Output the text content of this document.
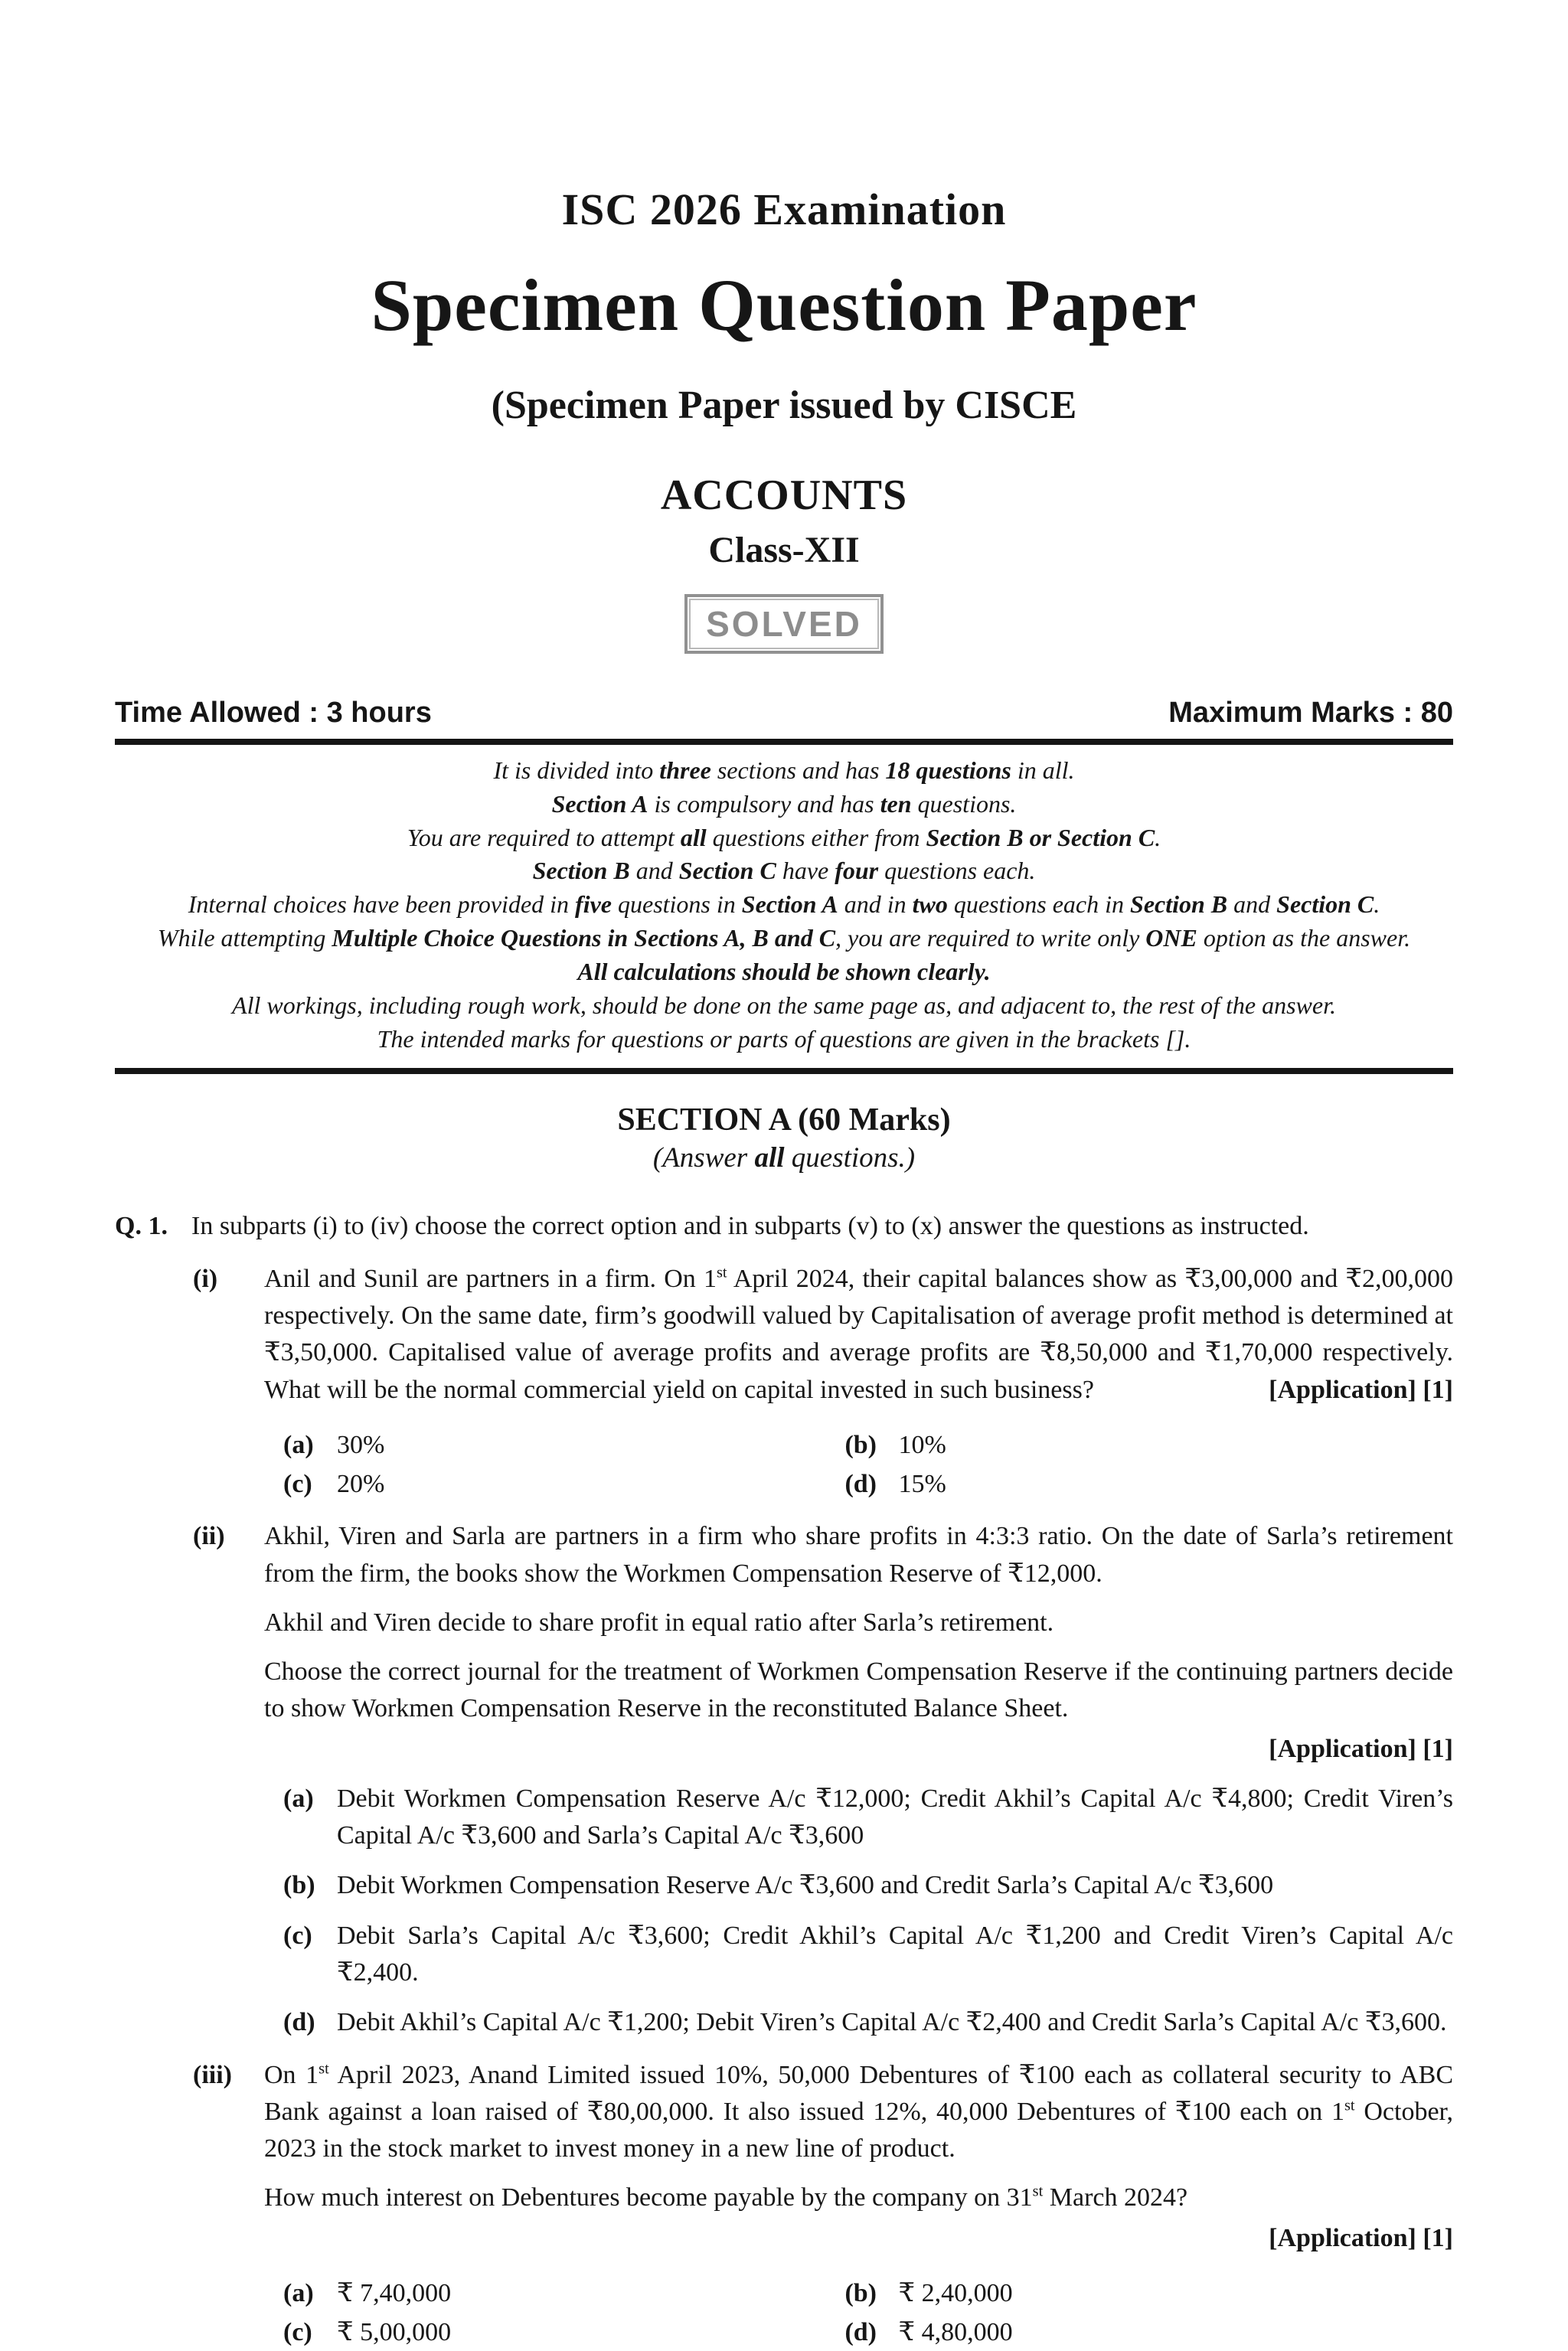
ISC 2026 Examination
Specimen Question Paper
(Specimen Paper issued by CISCE
ACCOUNTS
Class-XII
SOLVED
Time Allowed : 3 hours	Maximum Marks : 80
It is divided into three sections and has 18 questions in all.
Section A is compulsory and has ten questions.
You are required to attempt all questions either from Section B or Section C.
Section B and Section C have four questions each.
Internal choices have been provided in five questions in Section A and in two questions each in Section B and Section C.
While attempting Multiple Choice Questions in Sections A, B and C, you are required to write only ONE option as the answer.
All calculations should be shown clearly.
All workings, including rough work, should be done on the same page as, and adjacent to, the rest of the answer.
The intended marks for questions or parts of questions are given in the brackets [].
SECTION A (60 Marks)
(Answer all questions.)
Q. 1. In subparts (i) to (iv) choose the correct option and in subparts (v) to (x) answer the questions as instructed.
(i) Anil and Sunil are partners in a firm. On 1st April 2024, their capital balances show as ₹3,00,000 and ₹2,00,000 respectively. On the same date, firm’s goodwill valued by Capitalisation of average profit method is determined at ₹3,50,000. Capitalised value of average profits and average profits are ₹8,50,000 and ₹1,70,000 respectively. What will be the normal commercial yield on capital invested in such business?	[Application] [1]
(a) 30%	(b) 10%
(c) 20%	(d) 15%
(ii) Akhil, Viren and Sarla are partners in a firm who share profits in 4:3:3 ratio. On the date of Sarla’s retirement from the firm, the books show the Workmen Compensation Reserve of ₹12,000.
Akhil and Viren decide to share profit in equal ratio after Sarla’s retirement.
Choose the correct journal for the treatment of Workmen Compensation Reserve if the continuing partners decide to show Workmen Compensation Reserve in the reconstituted Balance Sheet.
[Application] [1]
(a) Debit Workmen Compensation Reserve A/c ₹12,000; Credit Akhil’s Capital A/c ₹4,800; Credit Viren’s Capital A/c ₹3,600 and Sarla’s Capital A/c ₹3,600
(b) Debit Workmen Compensation Reserve A/c ₹3,600 and Credit Sarla’s Capital A/c ₹3,600
(c) Debit Sarla’s Capital A/c ₹3,600; Credit Akhil’s Capital A/c ₹1,200 and Credit Viren’s Capital A/c ₹2,400.
(d) Debit Akhil’s Capital A/c ₹1,200; Debit Viren’s Capital A/c ₹2,400 and Credit Sarla’s Capital A/c ₹3,600.
(iii) On 1st April 2023, Anand Limited issued 10%, 50,000 Debentures of ₹100 each as collateral security to ABC Bank against a loan raised of ₹80,00,000. It also issued 12%, 40,000 Debentures of ₹100 each on 1st October, 2023 in the stock market to invest money in a new line of product.
How much interest on Debentures become payable by the company on 31st March 2024?
[Application] [1]
(a) ₹ 7,40,000	(b) ₹ 2,40,000
(c) ₹ 5,00,000	(d) ₹ 4,80,000
